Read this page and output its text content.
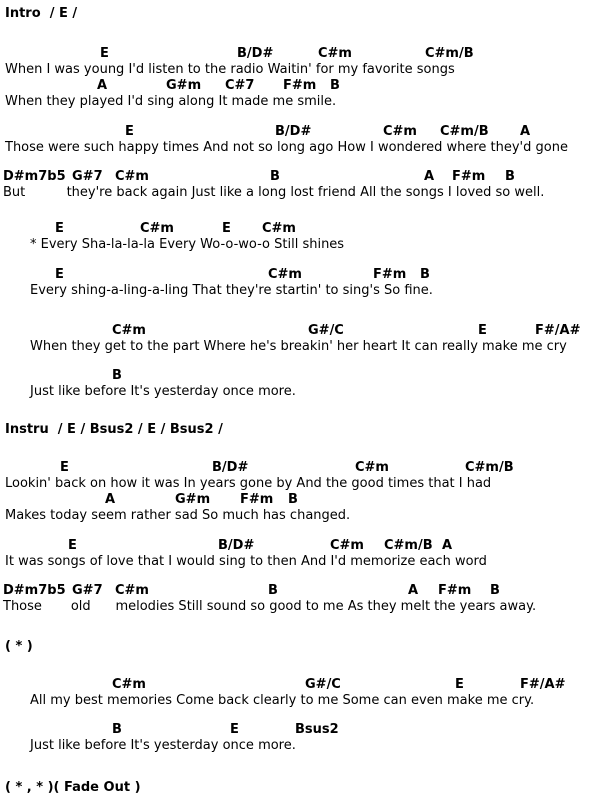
Intro  / E /
E	B/D#	C#m	C#m/B
When I was young I'd listen to the radio Waitin' for my favorite songs
A	G#m C#7 F#m B
When they played I'd sing along It made me smile.
E	B/D#	C#m C#m/B A
Those were such happy times And not so long ago How I wondered where they'd gone
D#m7b5 G#7 C#m	B	A F#m B
But          they're back again Just like a long lost friend All the songs I loved so well.
E	C#m	E C#m
* Every Sha-la-la-la Every Wo-o-wo-o Still shines
E	C#m	F#m B
Every shing-a-ling-a-ling That they're startin' to sing's So fine.
C#m	G#/C	E	F#/A#
When they get to the part Where he's breakin' her heart It can really make me cry
B
Just like before It's yesterday once more.
Instru  / E / Bsus2 / E / Bsus2 /
E	B/D#	C#m	C#m/B
Lookin' back on how it was In years gone by And the good times that I had
A	G#m F#m B
Makes today seem rather sad So much has changed.
E	B/D#	C#m C#m/B A
It was songs of love that I would sing to then And I'd memorize each word
D#m7b5 G#7 C#m	B	A F#m B
Those       old      melodies Still sound so good to me As they melt the years away.
( * )
C#m	G#/C	E	F#/A#
All my best memories Come back clearly to me Some can even make me cry.
B	E	Bsus2
Just like before It's yesterday once more.
( * , * )( Fade Out )
